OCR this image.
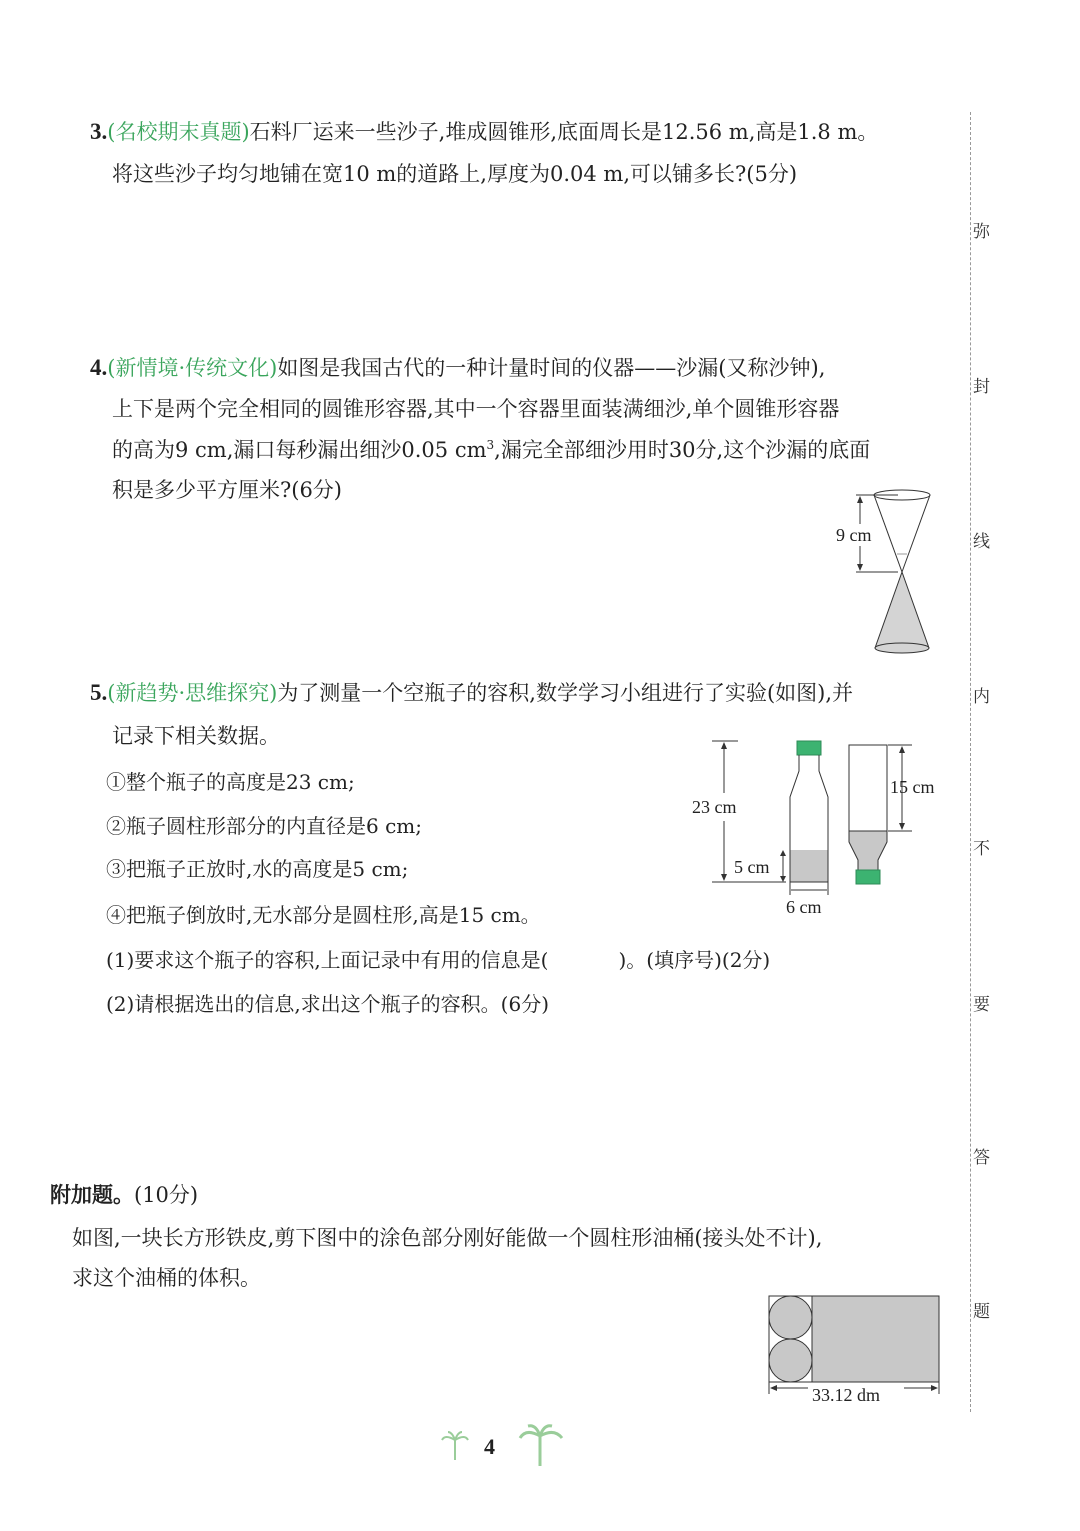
弥
封
线
内
不
要
答
题
3.(名校期末真题)石料厂运来一些沙子,堆成圆锥形,底面周长是12.56 m,高是1.8 m。
将这些沙子均匀地铺在宽10 m的道路上,厚度为0.04 m,可以铺多长?(5分)
4.(新情境·传统文化)如图是我国古代的一种计量时间的仪器——沙漏(又称沙钟),
上下是两个完全相同的圆锥形容器,其中一个容器里面装满细沙,单个圆锥形容器
的高为9 cm,漏口每秒漏出细沙0.05 $cm^3$,漏完全部细沙用时30分,这个沙漏的底面
积是多少平方厘米?(6分)
9 cm
5.(新趋势·思维探究)为了测量一个空瓶子的容积,数学学习小组进行了实验(如图),并
记录下相关数据。
①整个瓶子的高度是23 cm;
②瓶子圆柱形部分的内直径是6 cm;
③把瓶子正放时,水的高度是5 cm;
④把瓶子倒放时,无水部分是圆柱形,高是15 cm。
(1)要求这个瓶子的容积,上面记录中有用的信息是(	)。(填序号)(2分)
(2)请根据选出的信息,求出这个瓶子的容积。(6分)
23 cm
5 cm
6 cm
15 cm
附加题。(10分)
如图,一块长方形铁皮,剪下图中的涂色部分刚好能做一个圆柱形油桶(接头处不计),
求这个油桶的体积。
33.12 dm
4
